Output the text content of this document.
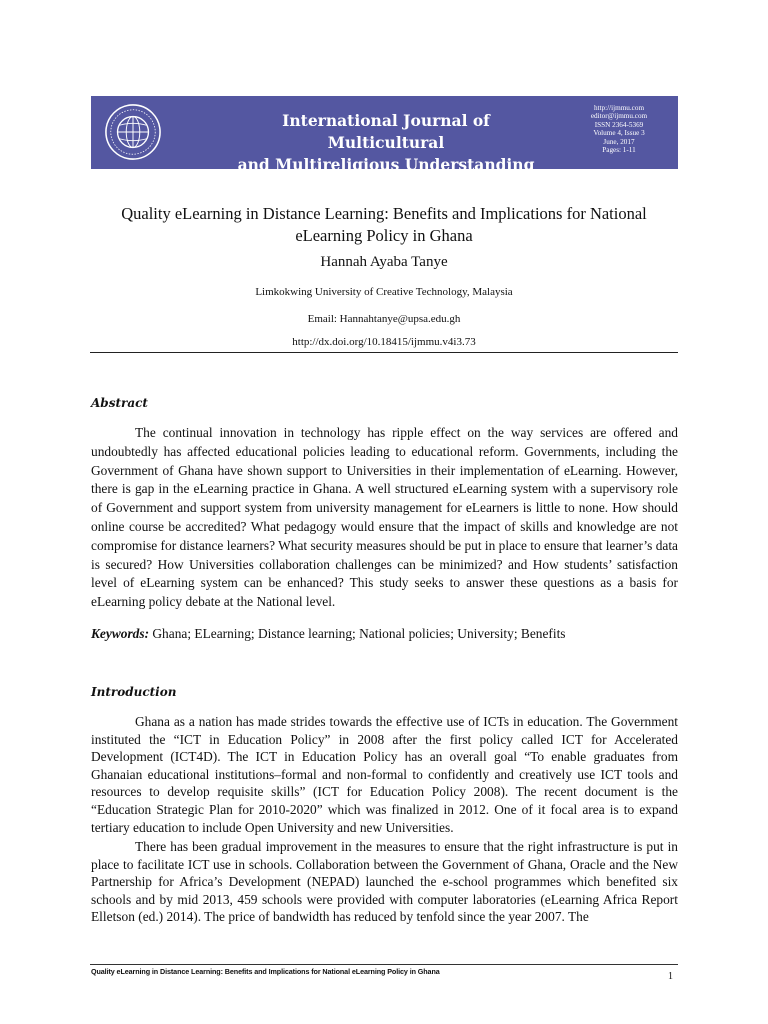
International Journal of Multicultural
and Multireligious Understanding
http://ijmmu.com
editor@ijmmu.com
ISSN 2364-5369
Volume 4, Issue 3
June, 2017
Pages: 1-11
Quality eLearning in Distance Learning: Benefits and Implications for National eLearning Policy in Ghana
Hannah Ayaba Tanye
Limkokwing University of Creative Technology, Malaysia
Email: Hannahtanye@upsa.edu.gh
http://dx.doi.org/10.18415/ijmmu.v4i3.73
Abstract

The continual innovation in technology has ripple effect on the way services are offered and undoubtedly has affected educational policies leading to educational reform. Governments, including the Government of Ghana have shown support to Universities in their implementation of eLearning. However, there is gap in the eLearning practice in Ghana. A well structured eLearning system with a supervisory role of Government and support system from university management for eLearners is little to none. How should online course be accredited? What pedagogy would ensure that the impact of skills and knowledge are not compromise for distance learners? What security measures should be put in place to ensure that learner’s data is secured? How Universities collaboration challenges can be minimized? and How students’ satisfaction level of eLearning system can be enhanced? This study seeks to answer these questions as a basis for eLearning policy debate at the National level.

Keywords: Ghana; ELearning; Distance learning; National policies; University; Benefits
Introduction

Ghana as a nation has made strides towards the effective use of ICTs in education. The Government instituted the “ICT in Education Policy” in 2008 after the first policy called ICT for Accelerated Development (ICT4D). The ICT in Education Policy has an overall goal “To enable graduates from Ghanaian educational institutions–formal and non-formal to confidently and creatively use ICT tools and resources to develop requisite skills” (ICT for Education Policy 2008). The recent document is the “Education Strategic Plan for 2010-2020” which was finalized in 2012. One of it focal area is to expand tertiary education to include Open University and new Universities.

There has been gradual improvement in the measures to ensure that the right infrastructure is put in place to facilitate ICT use in schools. Collaboration between the Government of Ghana, Oracle and the New Partnership for Africa’s Development (NEPAD) launched the e-school programmes which benefited six schools and by mid 2013, 459 schools were provided with computer laboratories (eLearning Africa Report Elletson (ed.) 2014). The price of bandwidth has reduced by tenfold since the year 2007. The

Quality eLearning in Distance Learning: Benefits and Implications for National eLearning Policy in Ghana	1
